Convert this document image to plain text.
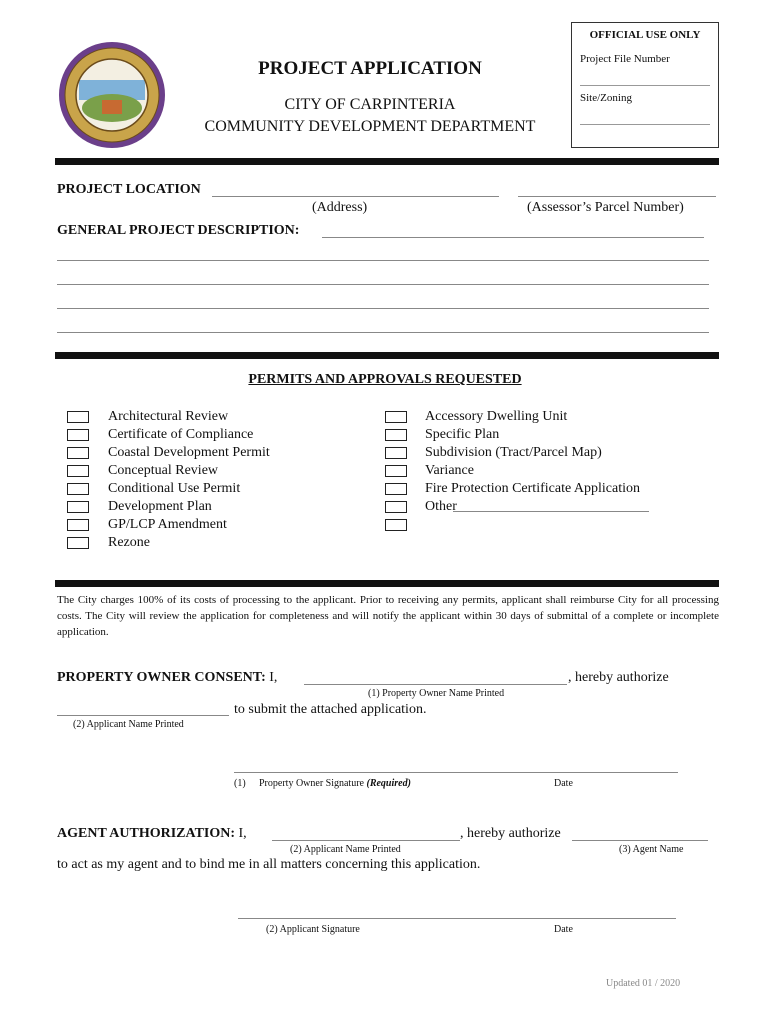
PROJECT APPLICATION
CITY OF CARPINTERIA
COMMUNITY DEVELOPMENT DEPARTMENT
OFFICIAL USE ONLY
Project File Number
Site/Zoning
PROJECT LOCATION
(Address)	(Assessor’s Parcel Number)
GENERAL PROJECT DESCRIPTION:
PERMITS AND APPROVALS REQUESTED
Architectural Review
Certificate of Compliance
Coastal Development Permit
Conceptual Review
Conditional Use Permit
Development Plan
GP/LCP Amendment
Rezone
Accessory Dwelling Unit
Specific Plan
Subdivision (Tract/Parcel Map)
Variance
Fire Protection Certificate Application
Other
The City charges 100% of its costs of processing to the applicant. Prior to receiving any permits, applicant shall reimburse City for all processing costs. The City will review the application for completeness and will notify the applicant within 30 days of submittal of a complete or incomplete application.
PROPERTY OWNER CONSENT: I,	, hereby authorize
(1) Property Owner Name Printed
to submit the attached application.
(2) Applicant Name Printed
(1) Property Owner Signature (Required)	Date
AGENT AUTHORIZATION: I,	, hereby authorize
(2) Applicant Name Printed	(3) Agent Name
to act as my agent and to bind me in all matters concerning this application.
(2) Applicant Signature	Date
Updated 01 / 2020
